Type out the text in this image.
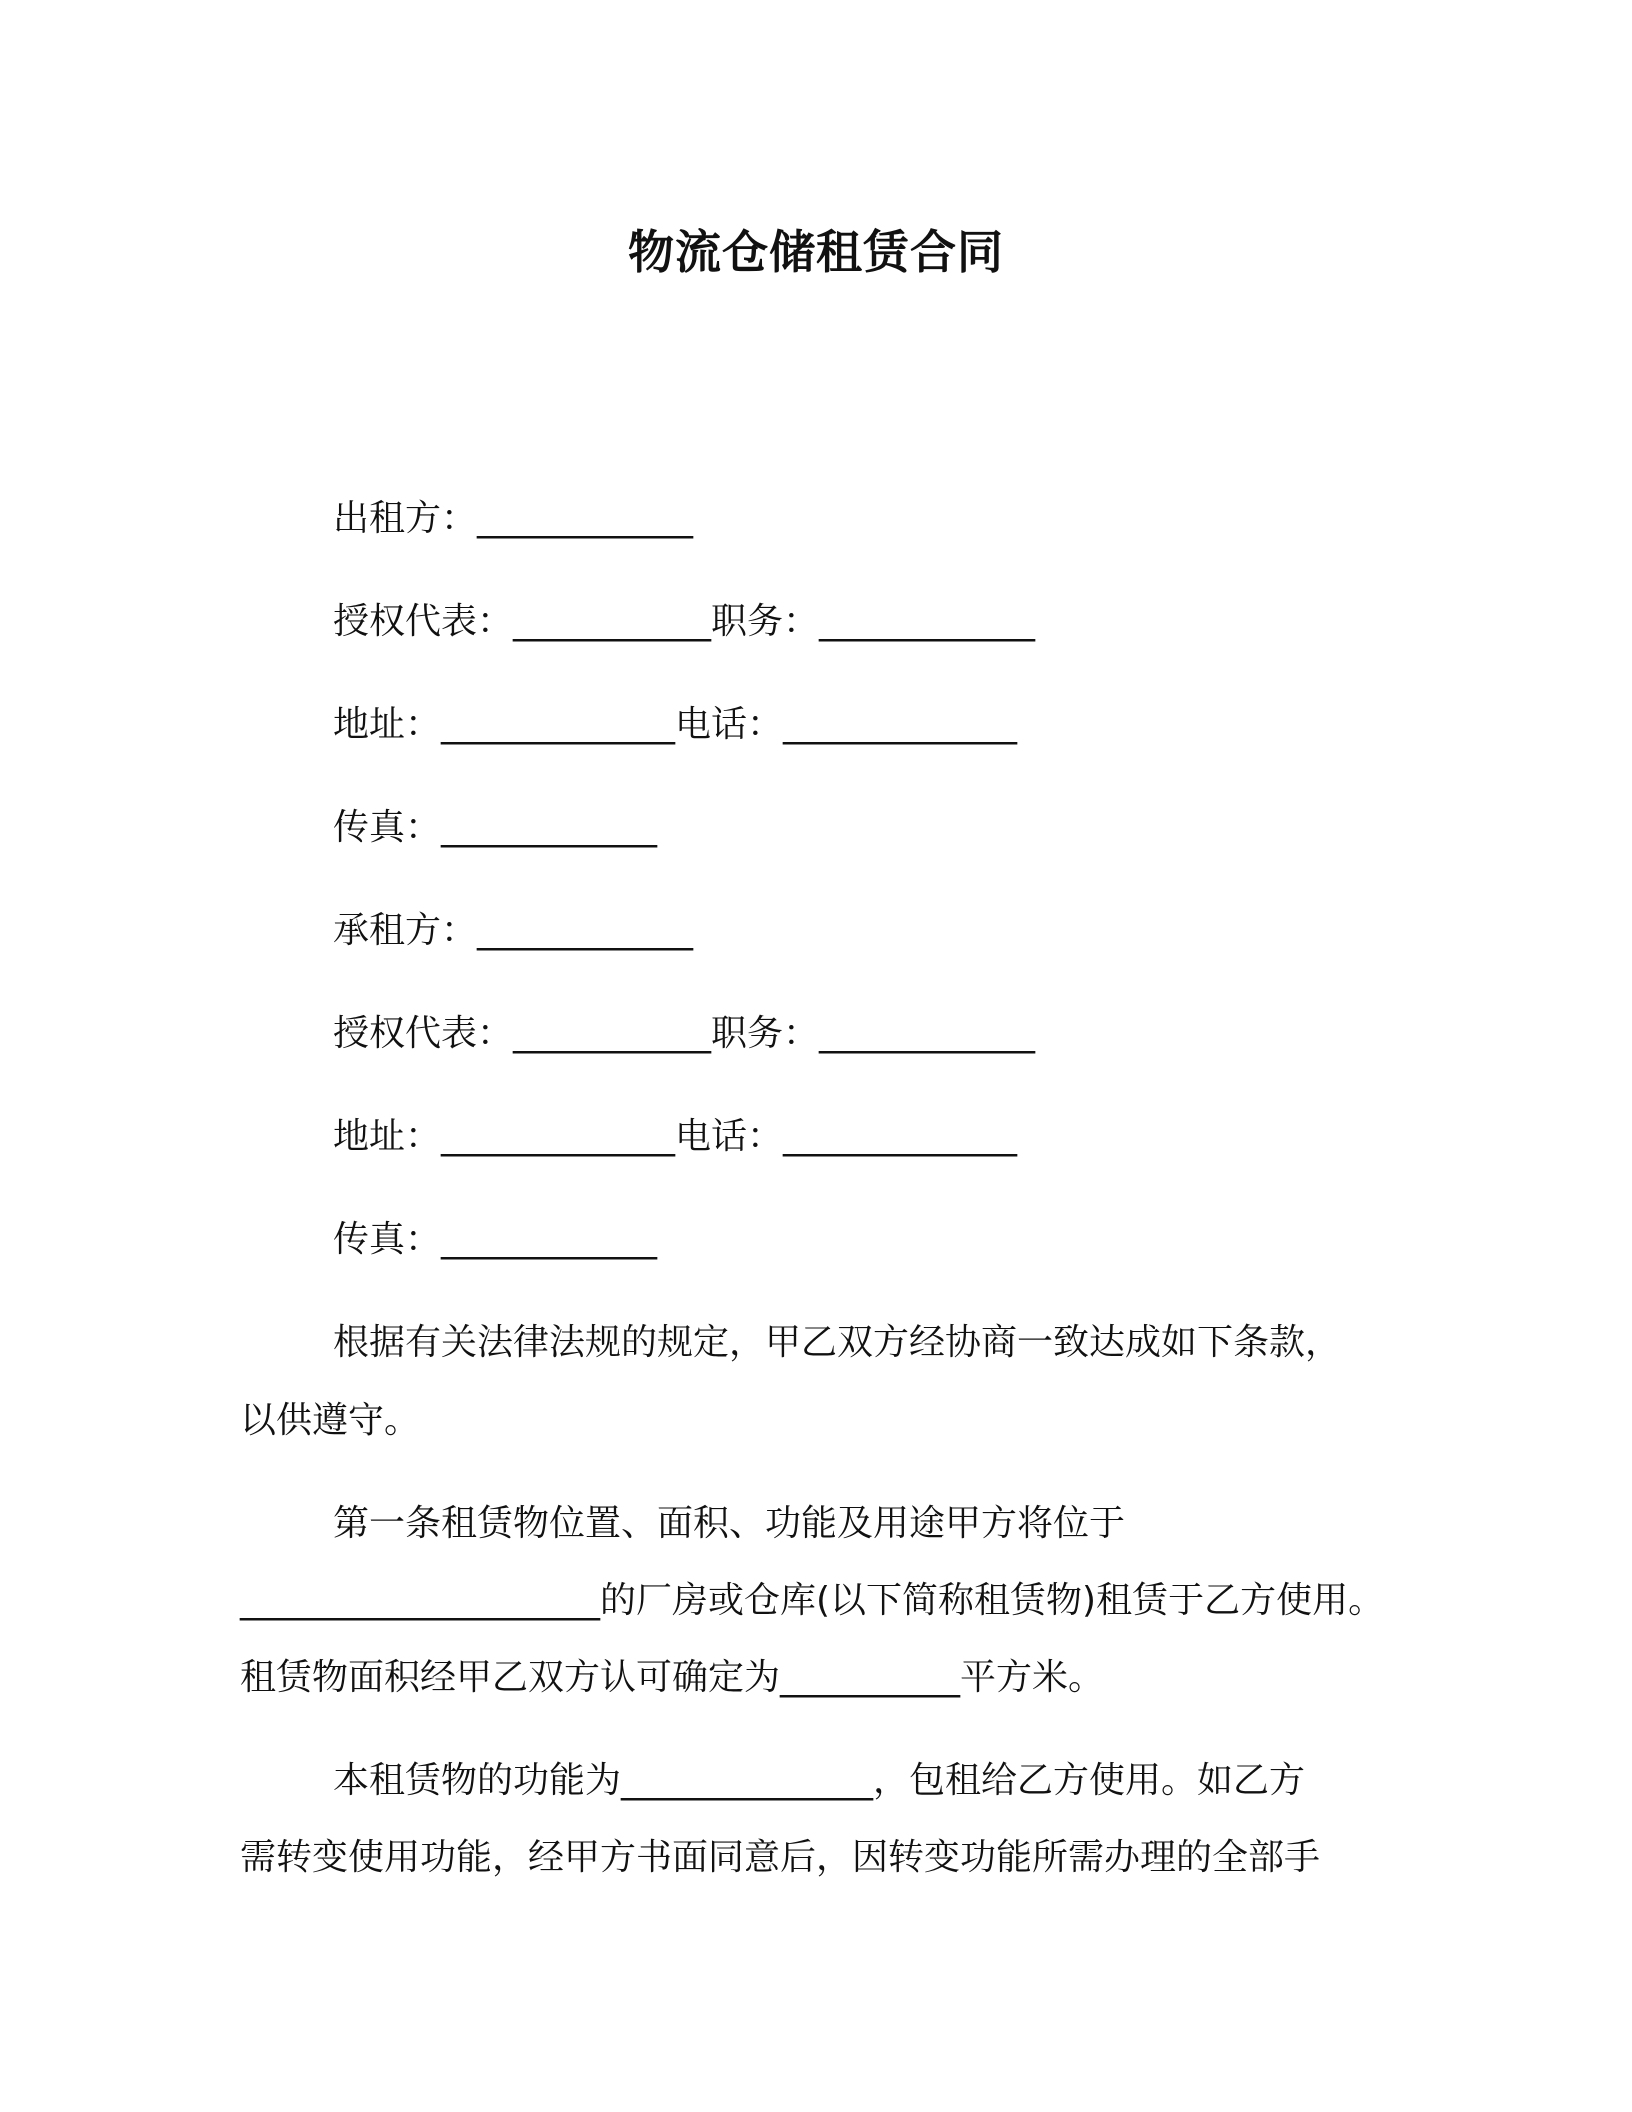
物流仓储租赁合同
出租方：____________
授权代表：___________职务：____________
地址：_____________电话：_____________
传真：____________
承租方：____________
授权代表：___________职务：____________
地址：_____________电话：_____________
传真：____________
根据有关法律法规的规定，甲乙双方经协商一致达成如下条款，
以供遵守。
第一条租赁物位置、面积、功能及用途甲方将位于
____________________的厂房或仓库(以下简称租赁物)租赁于乙方使用。
租赁物面积经甲乙双方认可确定为__________平方米。
本租赁物的功能为______________，包租给乙方使用。如乙方
需转变使用功能，经甲方书面同意后，因转变功能所需办理的全部手
